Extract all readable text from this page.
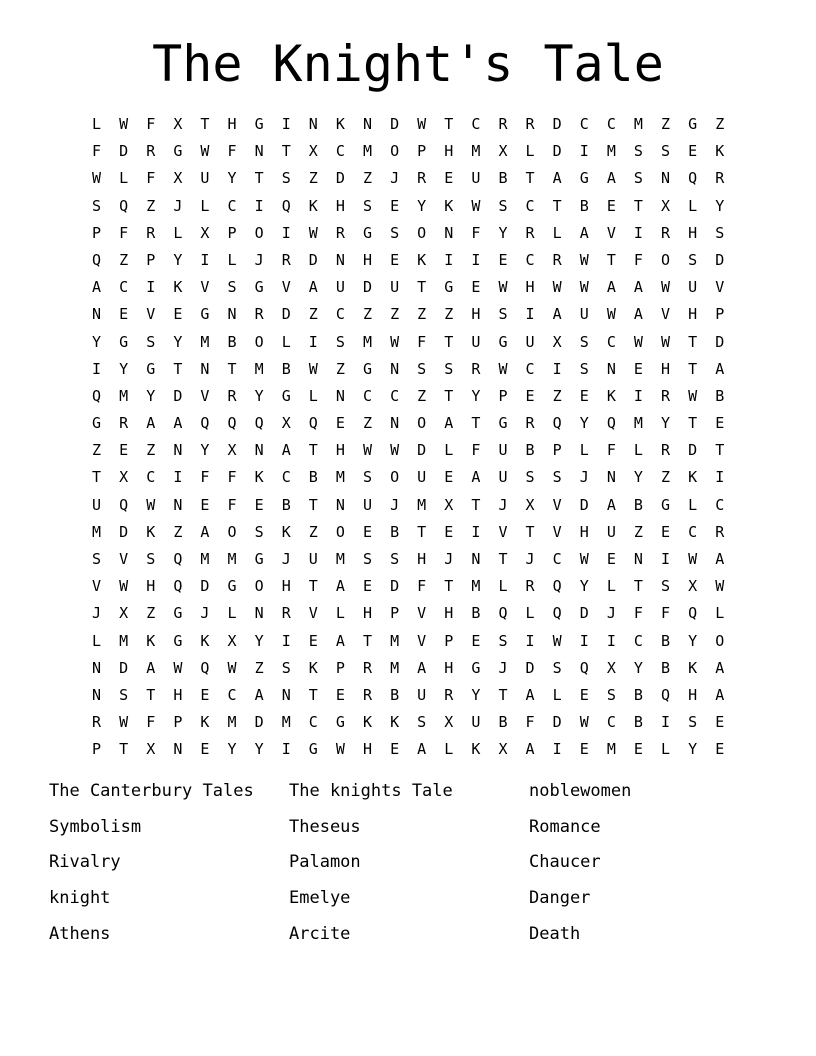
The Knight's Tale
L	W	F	X	T	H	G	I	N	K	N	D	W	T	C	R	R	D	C	C	M	Z	G	Z
F	D	R	G	W	F	N	T	X	C	M	O	P	H	M	X	L	D	I	M	S	S	E	K
W	L	F	X	U	Y	T	S	Z	D	Z	J	R	E	U	B	T	A	G	A	S	N	Q	R
S	Q	Z	J	L	C	I	Q	K	H	S	E	Y	K	W	S	C	T	B	E	T	X	L	Y
P	F	R	L	X	P	O	I	W	R	G	S	O	N	F	Y	R	L	A	V	I	R	H	S
Q	Z	P	Y	I	L	J	R	D	N	H	E	K	I	I	E	C	R	W	T	F	O	S	D
A	C	I	K	V	S	G	V	A	U	D	U	T	G	E	W	H	W	W	A	A	W	U	V
N	E	V	E	G	N	R	D	Z	C	Z	Z	Z	Z	H	S	I	A	U	W	A	V	H	P
Y	G	S	Y	M	B	O	L	I	S	M	W	F	T	U	G	U	X	S	C	W	W	T	D
I	Y	G	T	N	T	M	B	W	Z	G	N	S	S	R	W	C	I	S	N	E	H	T	A
Q	M	Y	D	V	R	Y	G	L	N	C	C	Z	T	Y	P	E	Z	E	K	I	R	W	B
G	R	A	A	Q	Q	Q	X	Q	E	Z	N	O	A	T	G	R	Q	Y	Q	M	Y	T	E
Z	E	Z	N	Y	X	N	A	T	H	W	W	D	L	F	U	B	P	L	F	L	R	D	T
T	X	C	I	F	F	K	C	B	M	S	O	U	E	A	U	S	S	J	N	Y	Z	K	I
U	Q	W	N	E	F	E	B	T	N	U	J	M	X	T	J	X	V	D	A	B	G	L	C
M	D	K	Z	A	O	S	K	Z	O	E	B	T	E	I	V	T	V	H	U	Z	E	C	R
S	V	S	Q	M	M	G	J	U	M	S	S	H	J	N	T	J	C	W	E	N	I	W	A
V	W	H	Q	D	G	O	H	T	A	E	D	F	T	M	L	R	Q	Y	L	T	S	X	W
J	X	Z	G	J	L	N	R	V	L	H	P	V	H	B	Q	L	Q	D	J	F	F	Q	L
L	M	K	G	K	X	Y	I	E	A	T	M	V	P	E	S	I	W	I	I	C	B	Y	O
N	D	A	W	Q	W	Z	S	K	P	R	M	A	H	G	J	D	S	Q	X	Y	B	K	A
N	S	T	H	E	C	A	N	T	E	R	B	U	R	Y	T	A	L	E	S	B	Q	H	A
R	W	F	P	K	M	D	M	C	G	K	K	S	X	U	B	F	D	W	C	B	I	S	E
P	T	X	N	E	Y	Y	I	G	W	H	E	A	L	K	X	A	I	E	M	E	L	Y	E
The Canterbury Tales	The knights Tale	noblewomen
Symbolism	Theseus	Romance
Rivalry	Palamon	Chaucer
knight	Emelye	Danger
Athens	Arcite	Death
